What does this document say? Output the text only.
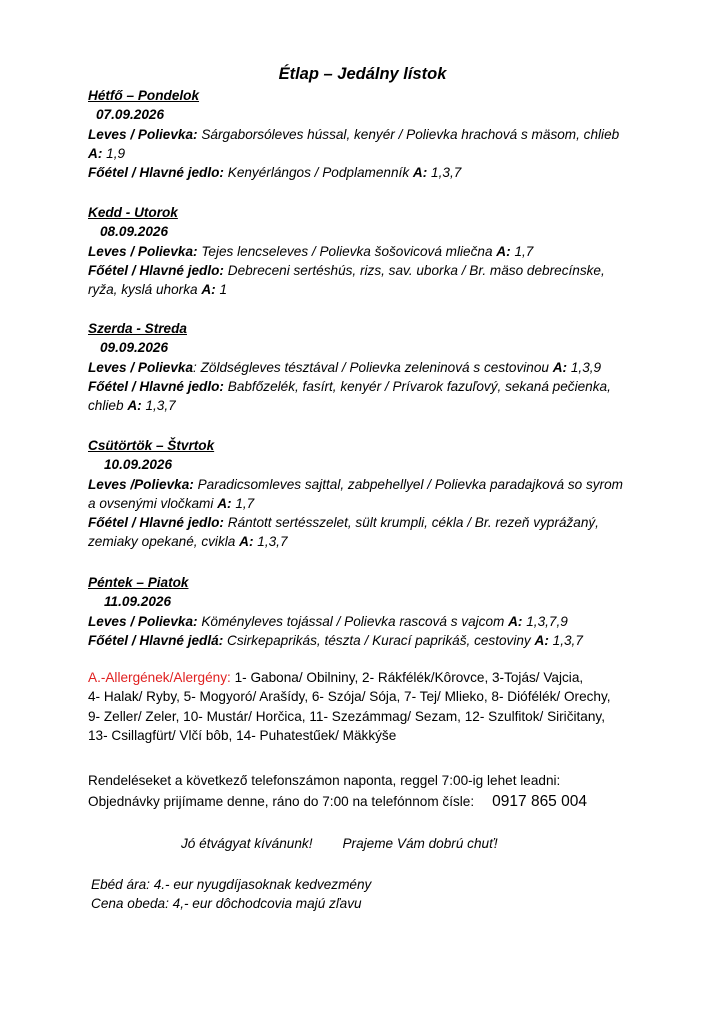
Étlap – Jedálny lístok
Hétfő – Pondelok
07.09.2026
Leves / Polievka: Sárgaborsóleves hússal, kenyér / Polievka hrachová s mäsom, chlieb
A: 1,9
Főétel / Hlavné jedlo: Kenyérlángos / Podplamenník A: 1,3,7
Kedd - Utorok
08.09.2026
Leves / Polievka: Tejes lencseleves / Polievka šošovicová mliečna A: 1,7
Főétel / Hlavné jedlo: Debreceni sertéshús, rizs, sav. uborka / Br. mäso debrecínske,
ryža, kyslá uhorka A: 1
Szerda - Streda
09.09.2026
Leves / Polievka: Zöldségleves tésztával / Polievka zeleninová s cestovinou A: 1,3,9
Főétel / Hlavné jedlo: Babfőzelék, fasírt, kenyér / Prívarok fazuľový, sekaná pečienka,
chlieb A: 1,3,7
Csütörtök – Štvrtok
10.09.2026
Leves /Polievka: Paradicsomleves sajttal, zabpehellyel / Polievka paradajková so syrom
a ovsenými vločkami A: 1,7
Főétel / Hlavné jedlo: Rántott sertésszelet, sült krumpli, cékla / Br. rezeň vyprážaný,
zemiaky opekané, cvikla A: 1,3,7
Péntek – Piatok
11.09.2026
Leves / Polievka: Köményleves tojással / Polievka rascová s vajcom A: 1,3,7,9
Főétel / Hlavné jedlá: Csirkepaprikás, tészta / Kurací paprikáš, cestoviny A: 1,3,7
A.-Allergének/Alergény: 1- Gabona/ Obilniny, 2- Rákfélék/Kôrovce, 3-Tojás/ Vajcia,
4- Halak/ Ryby, 5- Mogyoró/ Arašídy, 6- Szója/ Sója, 7- Tej/ Mlieko, 8- Diófélék/ Orechy,
9- Zeller/ Zeler, 10- Mustár/ Horčica, 11- Szezámmag/ Sezam, 12- Szulfitok/ Siričitany,
13- Csillagfürt/ Vlčí bôb, 14- Puhatestűek/ Mäkkýše
Rendeléseket a következő telefonszámon naponta, reggel 7:00-ig lehet leadni:
Objednávky prijímame denne, ráno do 7:00 na telefónnom čísle: 0917 865 004
Jó étvágyat kívánunk! Prajeme Vám dobrú chuť!
Ebéd ára: 4.- eur nyugdíjasoknak kedvezmény
Cena obeda: 4,- eur dôchodcovia majú zľavu
